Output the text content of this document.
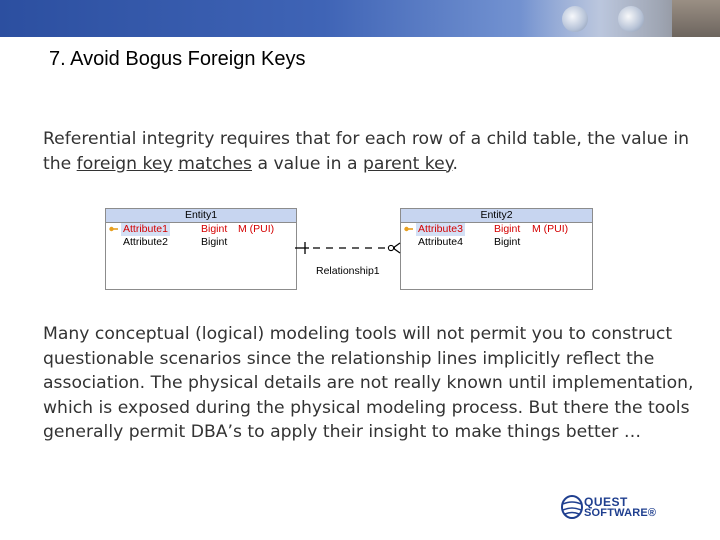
7. Avoid Bogus Foreign Keys
Referential integrity requires that for each row of a child table, the value in the foreign key matches a value in a parent key.
Entity1
Attribute1	Bigint M (PUI)
Attribute2	Bigint
Entity2
Attribute3	Bigint M (PUI)
Attribute4	Bigint
Relationship1
Many conceptual (logical) modeling tools will not permit you to construct questionable scenarios since the relationship lines implicitly reflect the association. The physical details are not really known until implementation, which is exposed during the physical modeling process. But there the tools generally permit DBA’s to apply their insight to make things better …
QUEST
SOFTWARE®
